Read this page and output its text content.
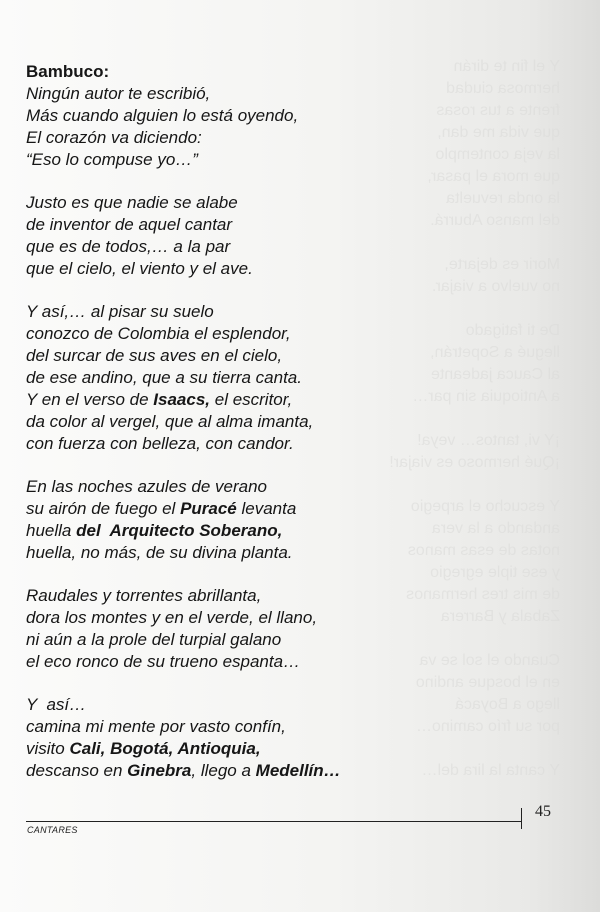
Y el fin te dirán
hermosa ciudad
frente a tus rosas
que vida me dan,
la veja contemplo
que mora el pasar,
la onda revuelta
del manso Aburrá.

Morir es dejarte,
no vuelvo a viajar.

De ti fatigado
llegué a Sopetrán,
al Cauca jadeante
a Antioquia sin par…

¡Y vi, tantos… veya!
¡Qué hermoso es viajar!

Y escucho el arpegio
andando a la vera
notas de esas manos
y ese tiple egregio
de mis tres hermanos
Zabala y Barrera

Cuando el sol se va
en el bosque andino
llego a Boyacá
por su frío camino…

Y canta la lira del…
Bambuco:
Ningún autor te escribió,
Más cuando alguien lo está oyendo,
El corazón va diciendo:
“Eso lo compuse yo…”
Justo es que nadie se alabe
de inventor de aquel cantar
que es de todos,… a la par
que el cielo, el viento y el ave.
Y así,… al pisar su suelo
conozco de Colombia el esplendor,
del surcar de sus aves en el cielo,
de ese andino, que a su tierra canta.
Y en el verso de Isaacs, el escritor,
da color al vergel, que al alma imanta,
con fuerza con belleza, con candor.
En las noches azules de verano
su airón de fuego el Puracé levanta
huella del  Arquitecto Soberano,
huella, no más, de su divina planta.
Raudales y torrentes abrillanta,
dora los montes y en el verde, el llano,
ni aún a la prole del turpial galano
el eco ronco de su trueno espanta…
Y  así…
camina mi mente por vasto confín,
visito Cali, Bogotá, Antioquia,
descanso en Ginebra, llego a Medellín…
CANTARES
45
